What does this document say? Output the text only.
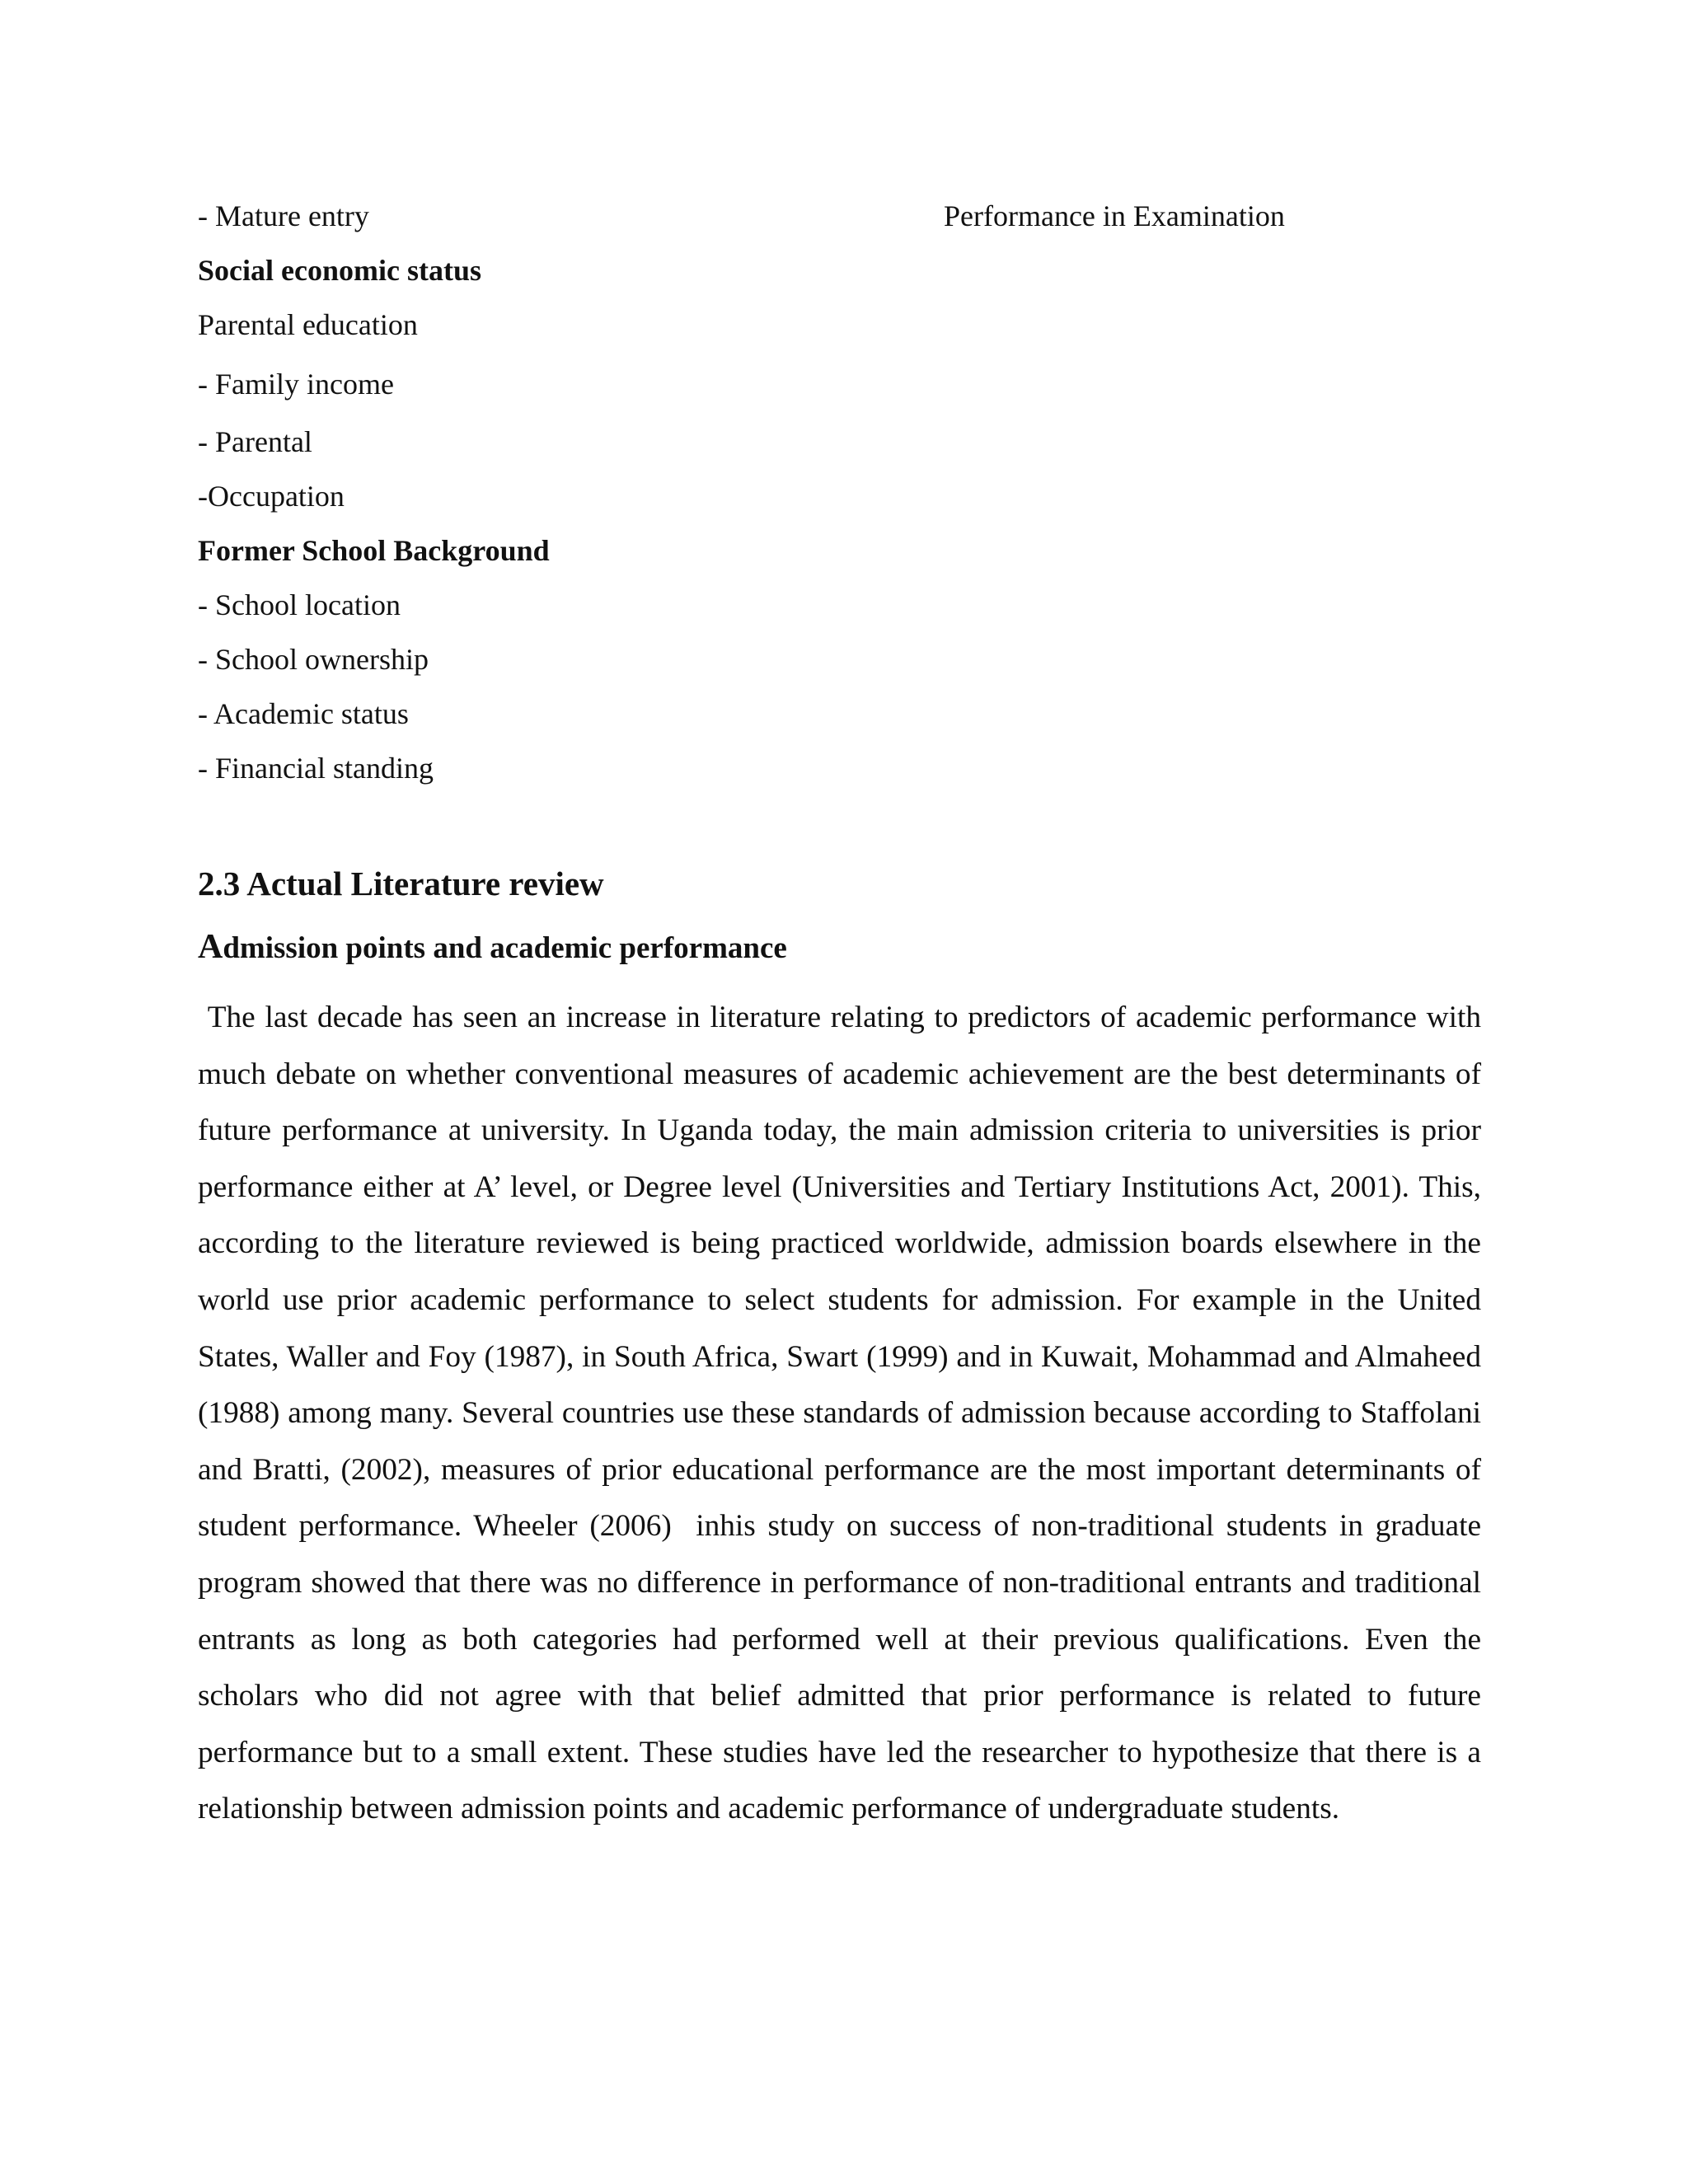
- Mature entry	Performance in Examination

Social economic status

Parental education

- Family income

- Parental

-Occupation

Former School Background

- School location

- School ownership

- Academic status

- Financial standing

2.3 Actual Literature review
Admission points and academic performance

The last decade has seen an increase in literature relating to predictors of academic performance with much debate on whether conventional measures of academic achievement are the best determinants of future performance at university. In Uganda today, the main admission criteria to universities is prior performance either at A’ level, or Degree level (Universities and Tertiary Institutions Act, 2001). This, according to the literature reviewed is being practiced worldwide, admission boards elsewhere in the world use prior academic performance to select students for admission. For example in the United States, Waller and Foy (1987), in South Africa, Swart (1999) and in Kuwait, Mohammad and Almaheed (1988) among many. Several countries use these standards of admission because according to Staffolani and Bratti, (2002), measures of prior educational performance are the most important determinants of student performance. Wheeler (2006)  inhis study on success of non-traditional students in graduate program showed that there was no difference in performance of non-traditional entrants and traditional entrants as long as both categories had performed well at their previous qualifications. Even the scholars who did not agree with that belief admitted that prior performance is related to future performance but to a small extent. These studies have led the researcher to hypothesize that there is a relationship between admission points and academic performance of undergraduate students.
